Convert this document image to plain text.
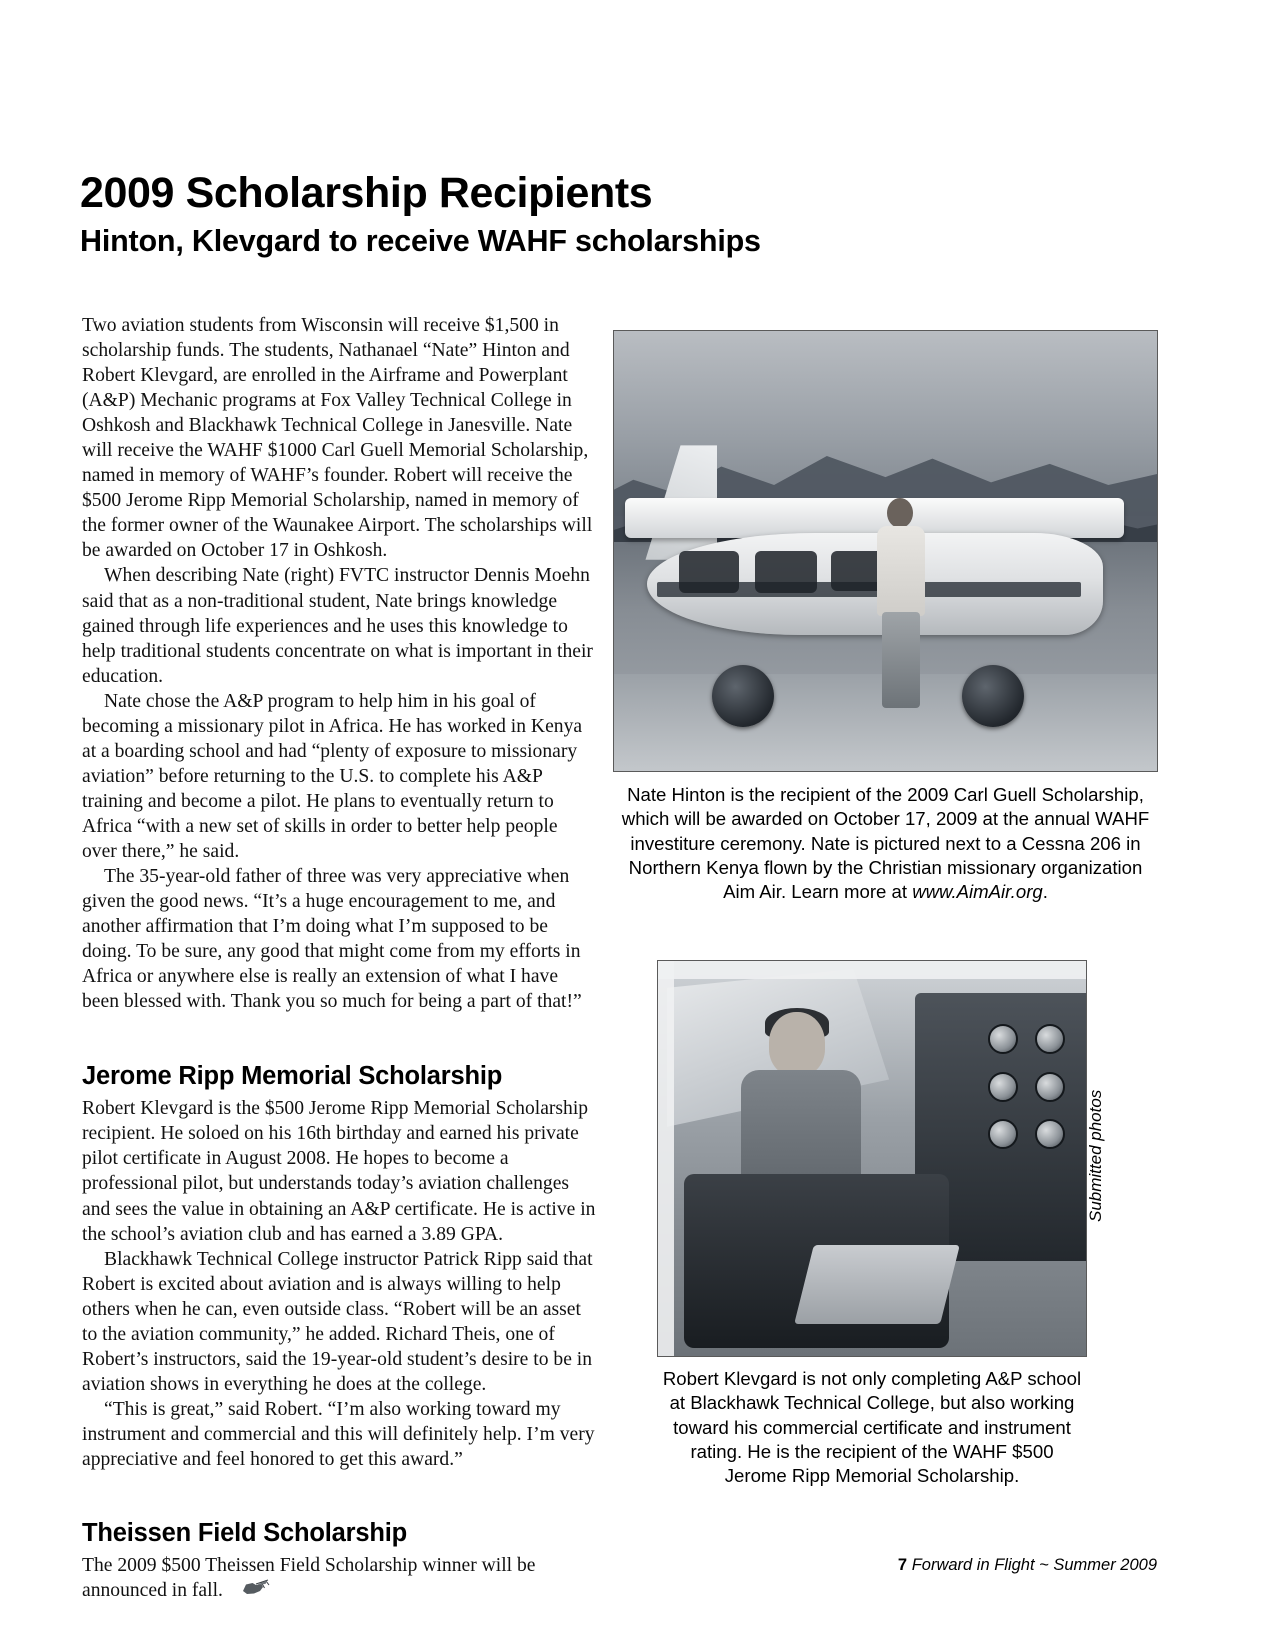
2009 Scholarship Recipients
Hinton, Klevgard to receive WAHF scholarships

Two aviation students from Wisconsin will receive $1,500 in scholarship funds. The students, Nathanael “Nate” Hinton and Robert Klevgard, are enrolled in the Airframe and Powerplant (A&P) Mechanic programs at Fox Valley Technical College in Oshkosh and Blackhawk Technical College in Janesville. Nate will receive the WAHF $1000 Carl Guell Memorial Scholarship, named in memory of WAHF’s founder. Robert will receive the $500 Jerome Ripp Memorial Scholarship, named in memory of the former owner of the Waunakee Airport. The scholarships will be awarded on October 17 in Oshkosh.

When describing Nate (right) FVTC instructor Dennis Moehn said that as a non-traditional student, Nate brings knowledge gained through life experiences and he uses this knowledge to help traditional students concentrate on what is important in their education.

Nate chose the A&P program to help him in his goal of becoming a missionary pilot in Africa. He has worked in Kenya at a boarding school and had “plenty of exposure to missionary aviation” before returning to the U.S. to complete his A&P training and become a pilot. He plans to eventually return to Africa “with a new set of skills in order to better help people over there,” he said.

The 35-year-old father of three was very appreciative when given the good news. “It’s a huge encouragement to me, and another affirmation that I’m doing what I’m supposed to be doing. To be sure, any good that might come from my efforts in Africa or anywhere else is really an extension of what I have been blessed with. Thank you so much for being a part of that!”

Jerome Ripp Memorial Scholarship

Robert Klevgard is the $500 Jerome Ripp Memorial Scholarship recipient. He soloed on his 16th birthday and earned his private pilot certificate in August 2008. He hopes to become a professional pilot, but understands today’s aviation challenges and sees the value in obtaining an A&P certificate. He is active in the school’s aviation club and has earned a 3.89 GPA.

Blackhawk Technical College instructor Patrick Ripp said that Robert is excited about aviation and is always willing to help others when he can, even outside class. “Robert will be an asset to the aviation community,” he added. Richard Theis, one of Robert’s instructors, said the 19-year-old student’s desire to be in aviation shows in everything he does at the college.

“This is great,” said Robert. “I’m also working toward my instrument and commercial and this will definitely help. I’m very appreciative and feel honored to get this award.”

Theissen Field Scholarship

The 2009 $500 Theissen Field Scholarship winner will be announced in fall.

Nate Hinton is the recipient of the 2009 Carl Guell Scholarship, which will be awarded on October 17, 2009 at the annual WAHF investiture ceremony. Nate is pictured next to a Cessna 206 in Northern Kenya flown by the Christian missionary organization Aim Air. Learn more at www.AimAir.org.

Robert Klevgard is not only completing A&P school at Blackhawk Technical College, but also working toward his commercial certificate and instrument rating. He is the recipient of the WAHF $500 Jerome Ripp Memorial Scholarship.

Submitted photos
7 Forward in Flight ~ Summer 2009
